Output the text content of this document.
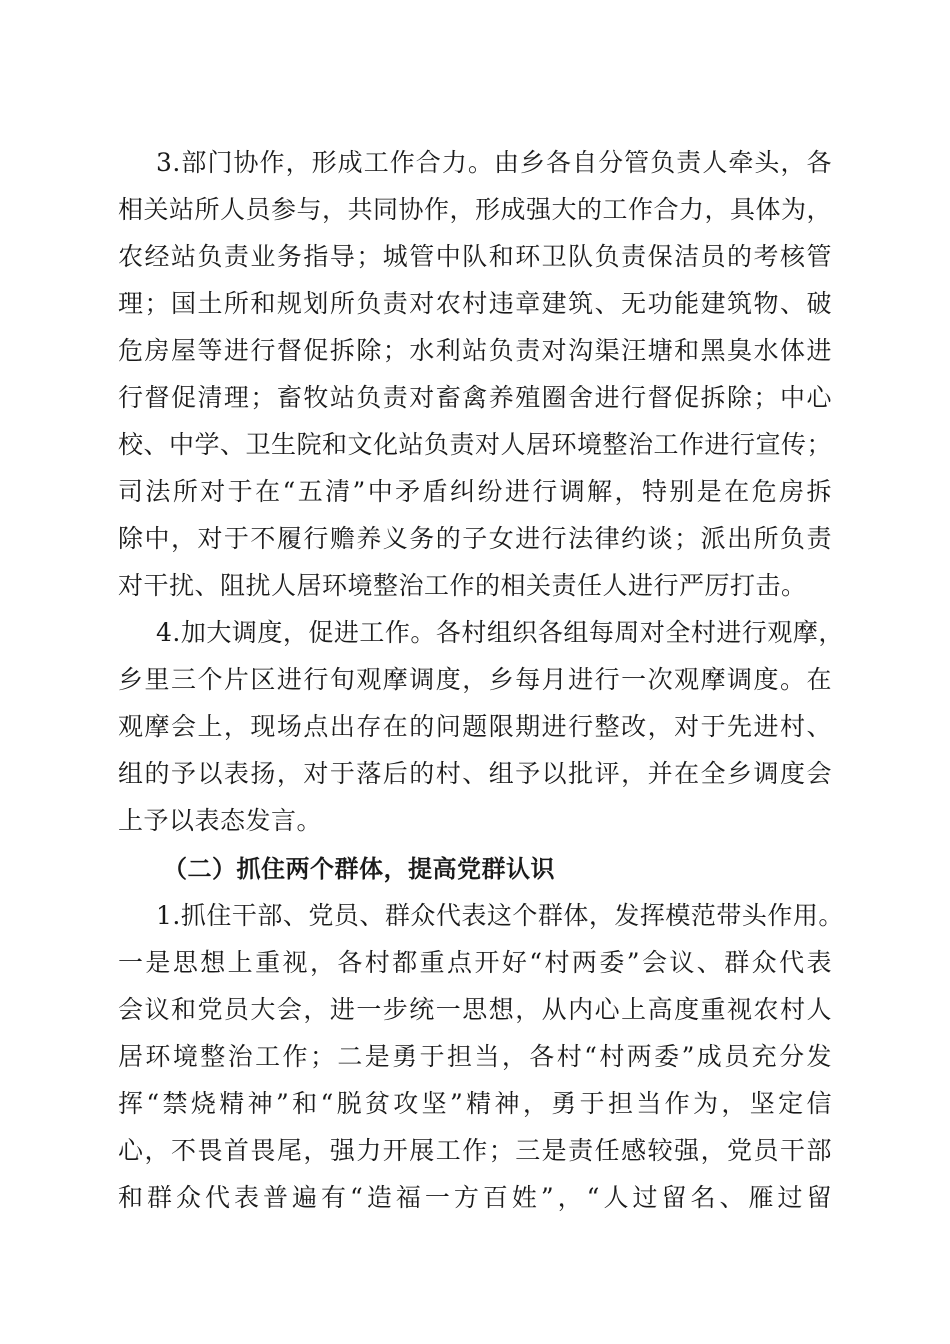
3.部门协作，形成工作合力。由乡各自分管负责人牵头，各
相关站所人员参与，共同协作，形成强大的工作合力，具体为，
农经站负责业务指导；城管中队和环卫队负责保洁员的考核管
理；国土所和规划所负责对农村违章建筑、无功能建筑物、破
危房屋等进行督促拆除；水利站负责对沟渠汪塘和黑臭水体进
行督促清理；畜牧站负责对畜禽养殖圈舍进行督促拆除；中心
校、中学、卫生院和文化站负责对人居环境整治工作进行宣传；
司法所对于在“五清”中矛盾纠纷进行调解，特别是在危房拆
除中，对于不履行赡养义务的子女进行法律约谈；派出所负责
对干扰、阻扰人居环境整治工作的相关责任人进行严厉打击。
4.加大调度，促进工作。各村组织各组每周对全村进行观摩，
乡里三个片区进行旬观摩调度，乡每月进行一次观摩调度。在
观摩会上，现场点出存在的问题限期进行整改，对于先进村、
组的予以表扬，对于落后的村、组予以批评，并在全乡调度会
上予以表态发言。
（二）抓住两个群体，提高党群认识
1.抓住干部、党员、群众代表这个群体，发挥模范带头作用。
一是思想上重视，各村都重点开好“村两委”会议、群众代表
会议和党员大会，进一步统一思想，从内心上高度重视农村人
居环境整治工作；二是勇于担当，各村“村两委”成员充分发
挥“禁烧精神”和“脱贫攻坚”精神，勇于担当作为，坚定信
心，不畏首畏尾，强力开展工作；三是责任感较强，党员干部
和群众代表普遍有“造福一方百姓”，“人过留名、雁过留
